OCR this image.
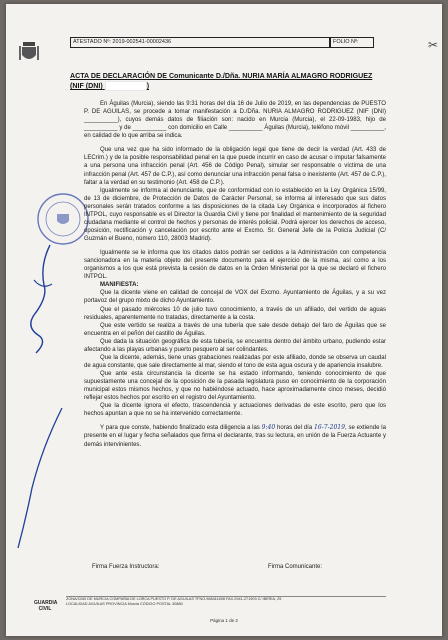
ATESTADO Nº: 2019-002541-00002436	FOLIO Nº:	✂
ACTA DE DECLARACIÓN DE Comunicante D./Dña. NURIA MARÍA ALMAGRO RODRIGUEZ (NIF (DNI)	)

En Águilas (Murcia), siendo las 9:31 horas del día 16 de Julio de 2019, en las dependencias de PUESTO P. DE AGUILAS, se procede a tomar manifestación a D./Dña. NURIA ALMAGRO RODRIGUEZ (NIF (DNI) __________), cuyos demás datos de filiación son: nacido en Murcia (Murcia), el 22-09-1983, hijo de __________ y de __________ con domicilio en Calle __________ Águilas (Murcia), teléfono móvil __________, en calidad de lo que arriba se indica.

Que una vez que ha sido informado de la obligación legal que tiene de decir la verdad (Art. 433 de LECrim.) y de la posible responsabilidad penal en la que puede incurrir en caso de acusar o imputar falsamente a una persona una infracción penal (Art. 456 de Código Penal), simular ser responsable o víctima de una infracción penal (Art. 457 de C.P.), así como denunciar una infracción penal falsa o inexistente (Art. 457 de C.P.), faltar a la verdad en su testimonio (Art. 458 de C.P.).

Igualmente se informa al denunciante, que de conformidad con lo establecido en la Ley Orgánica 15/99, de 13 de diciembre, de Protección de Datos de Carácter Personal, se informa al interesado que sus datos personales serán tratados conforme a las disposiciones de la citada Ley Orgánica e incorporados al fichero INTPOL, cuyo responsable es el Director la Guardia Civil y tiene por finalidad el mantenimiento de la seguridad ciudadana mediante el control de hechos y personas de interés policial. Podrá ejercer los derechos de acceso, oposición, rectificación y cancelación por escrito ante el Excmo. Sr. General Jefe de la Policía Judicial (C/ Guzmán el Bueno, número 110, 28003 Madrid).

Igualmente se le informa que los citados datos podrán ser cedidos a la Administración con competencia sancionadora en la materia objeto del presente documento para el ejercicio de la misma, así como a los organismos a los que está prevista la cesión de datos en la Orden Ministerial por la que se declaró el fichero INTPOL.

MANIFIESTA:

Que la dicente viene en calidad de concejal de VOX del Excmo. Ayuntamiento de Águilas, y a su vez portavoz del grupo mixto de dicho Ayuntamiento.

Que el pasado miércoles 10 de julio tuvo conocimiento, a través de un afiliado, del vertido de aguas residuales, aparentemente no tratadas, directamente a la costa.

Que este vertido se realiza a través de una tubería que sale desde debajo del faro de Águilas que se encuentra en el peñón del castillo de Águilas.

Que dada la situación geográfica de esta tubería, se encuentra dentro del ámbito urbano, pudiendo estar afectando a las playas urbanas y puerto pesquero al ser colindantes.

Que la dicente, además, tiene unas grabaciones realizadas por este afiliado, donde se observa un caudal de agua constante, que sale directamente al mar, siendo el tono de esta agua oscura y de apariencia insalubre.

Que ante esta circunstancia la dicente se ha estado informando, teniendo conocimiento de que supuestamente una concejal de la oposición de la pasada legislatura puso en conocimiento de la corporación municipal estos mismos hechos, y que no habiéndose actuado, hace aproximadamente cinco meses, decidió reflejar estos hechos por escrito en el registro del Ayuntamiento.

Que la dicente ignora el efecto, trascendencia y actuaciones derivadas de este escrito, pero que los hechos apuntan a que no se ha intervenido correctamente.

Y para que conste, habiendo finalizado esta diligencia a las 9:40 horas del día 16-7-2019, se extiende la presente en el lugar y fecha señalados que firma el declarante, tras su lectura, en unión de la Fuerza Actuante y demás intervinientes.

Firma Fuerza Instructora:	Firma Comunicante:
GUARDIA CIVIL
ZONA/CMD DE MURCIA COMPAÑÍA DE LORCA PUESTO P. DE AGUILAS TFNO.968411698 FAX.2941-271903 C/ IBERIA, 25
LOCALIDAD AGUILAS PROVINCIA Murcia CÓDIGO POSTAL 30880
Página 1 de 2
